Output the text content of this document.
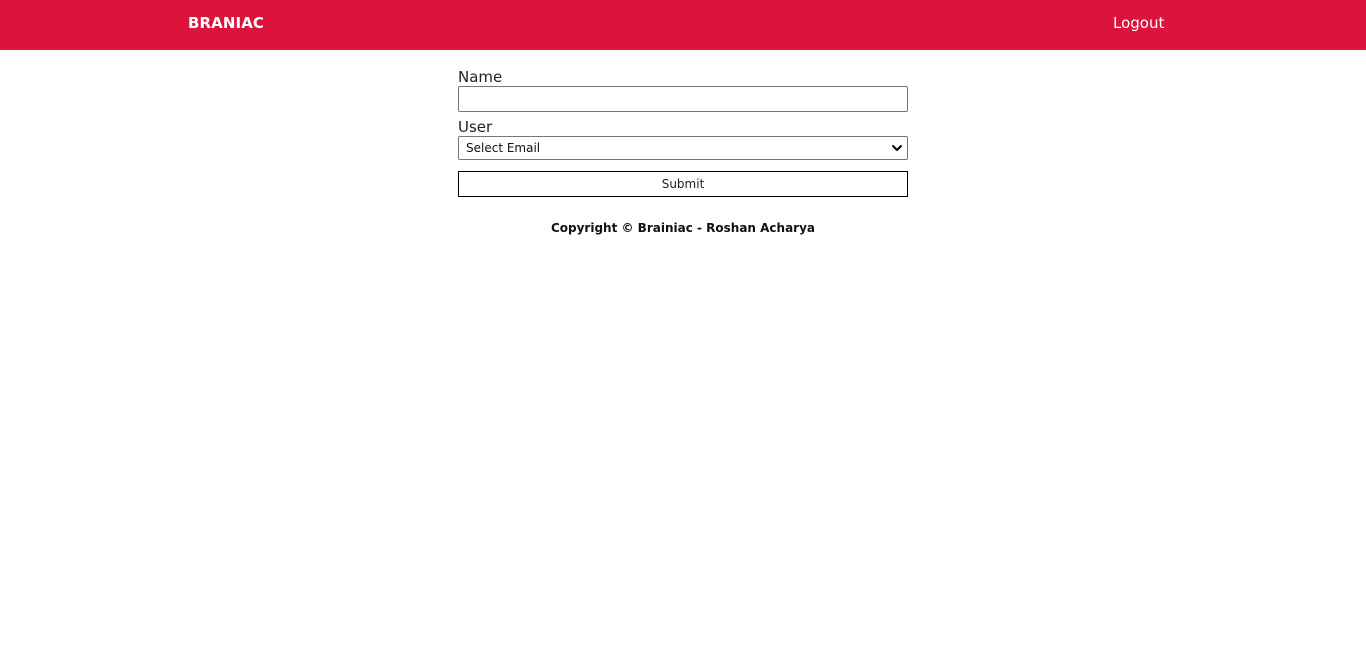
BRANIAC	Logout
Name
User
Select Email
Submit
Copyright © Brainiac - Roshan Acharya
